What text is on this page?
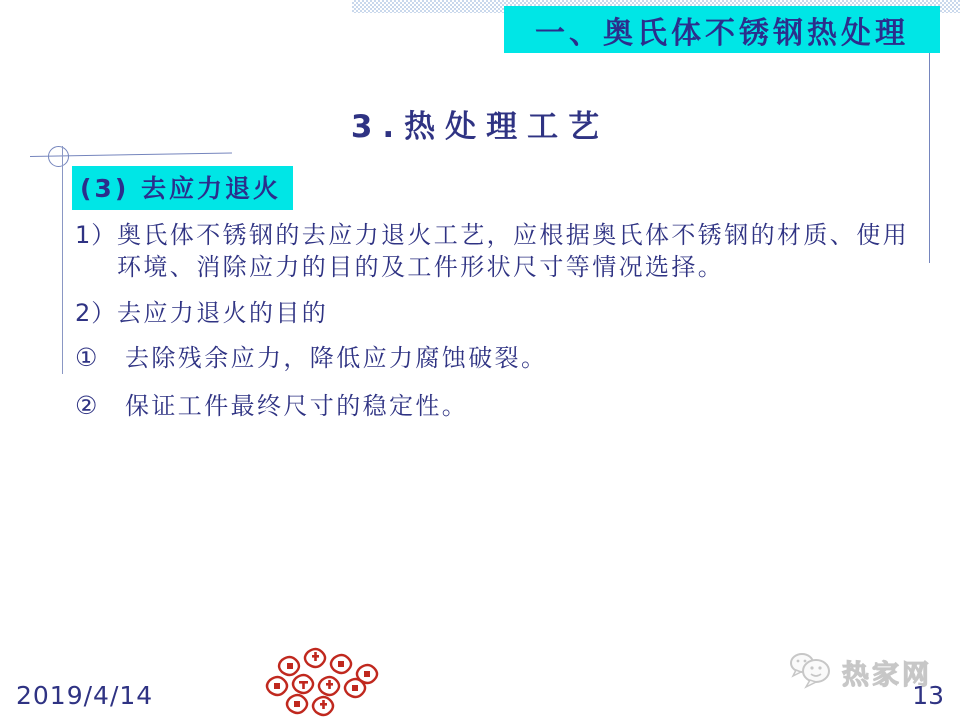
一、奥氏体不锈钢热处理
3.热处理工艺
(3) 去应力退火
1） 奥氏体不锈钢的去应力退火工艺，应根据奥氏体不锈钢的材质、使用环境、消除应力的目的及工件形状尺寸等情况选择。
2） 去应力退火的目的
①	去除残余应力，降低应力腐蚀破裂。
②	保证工件最终尺寸的稳定性。
2019/4/14
热家网
13
